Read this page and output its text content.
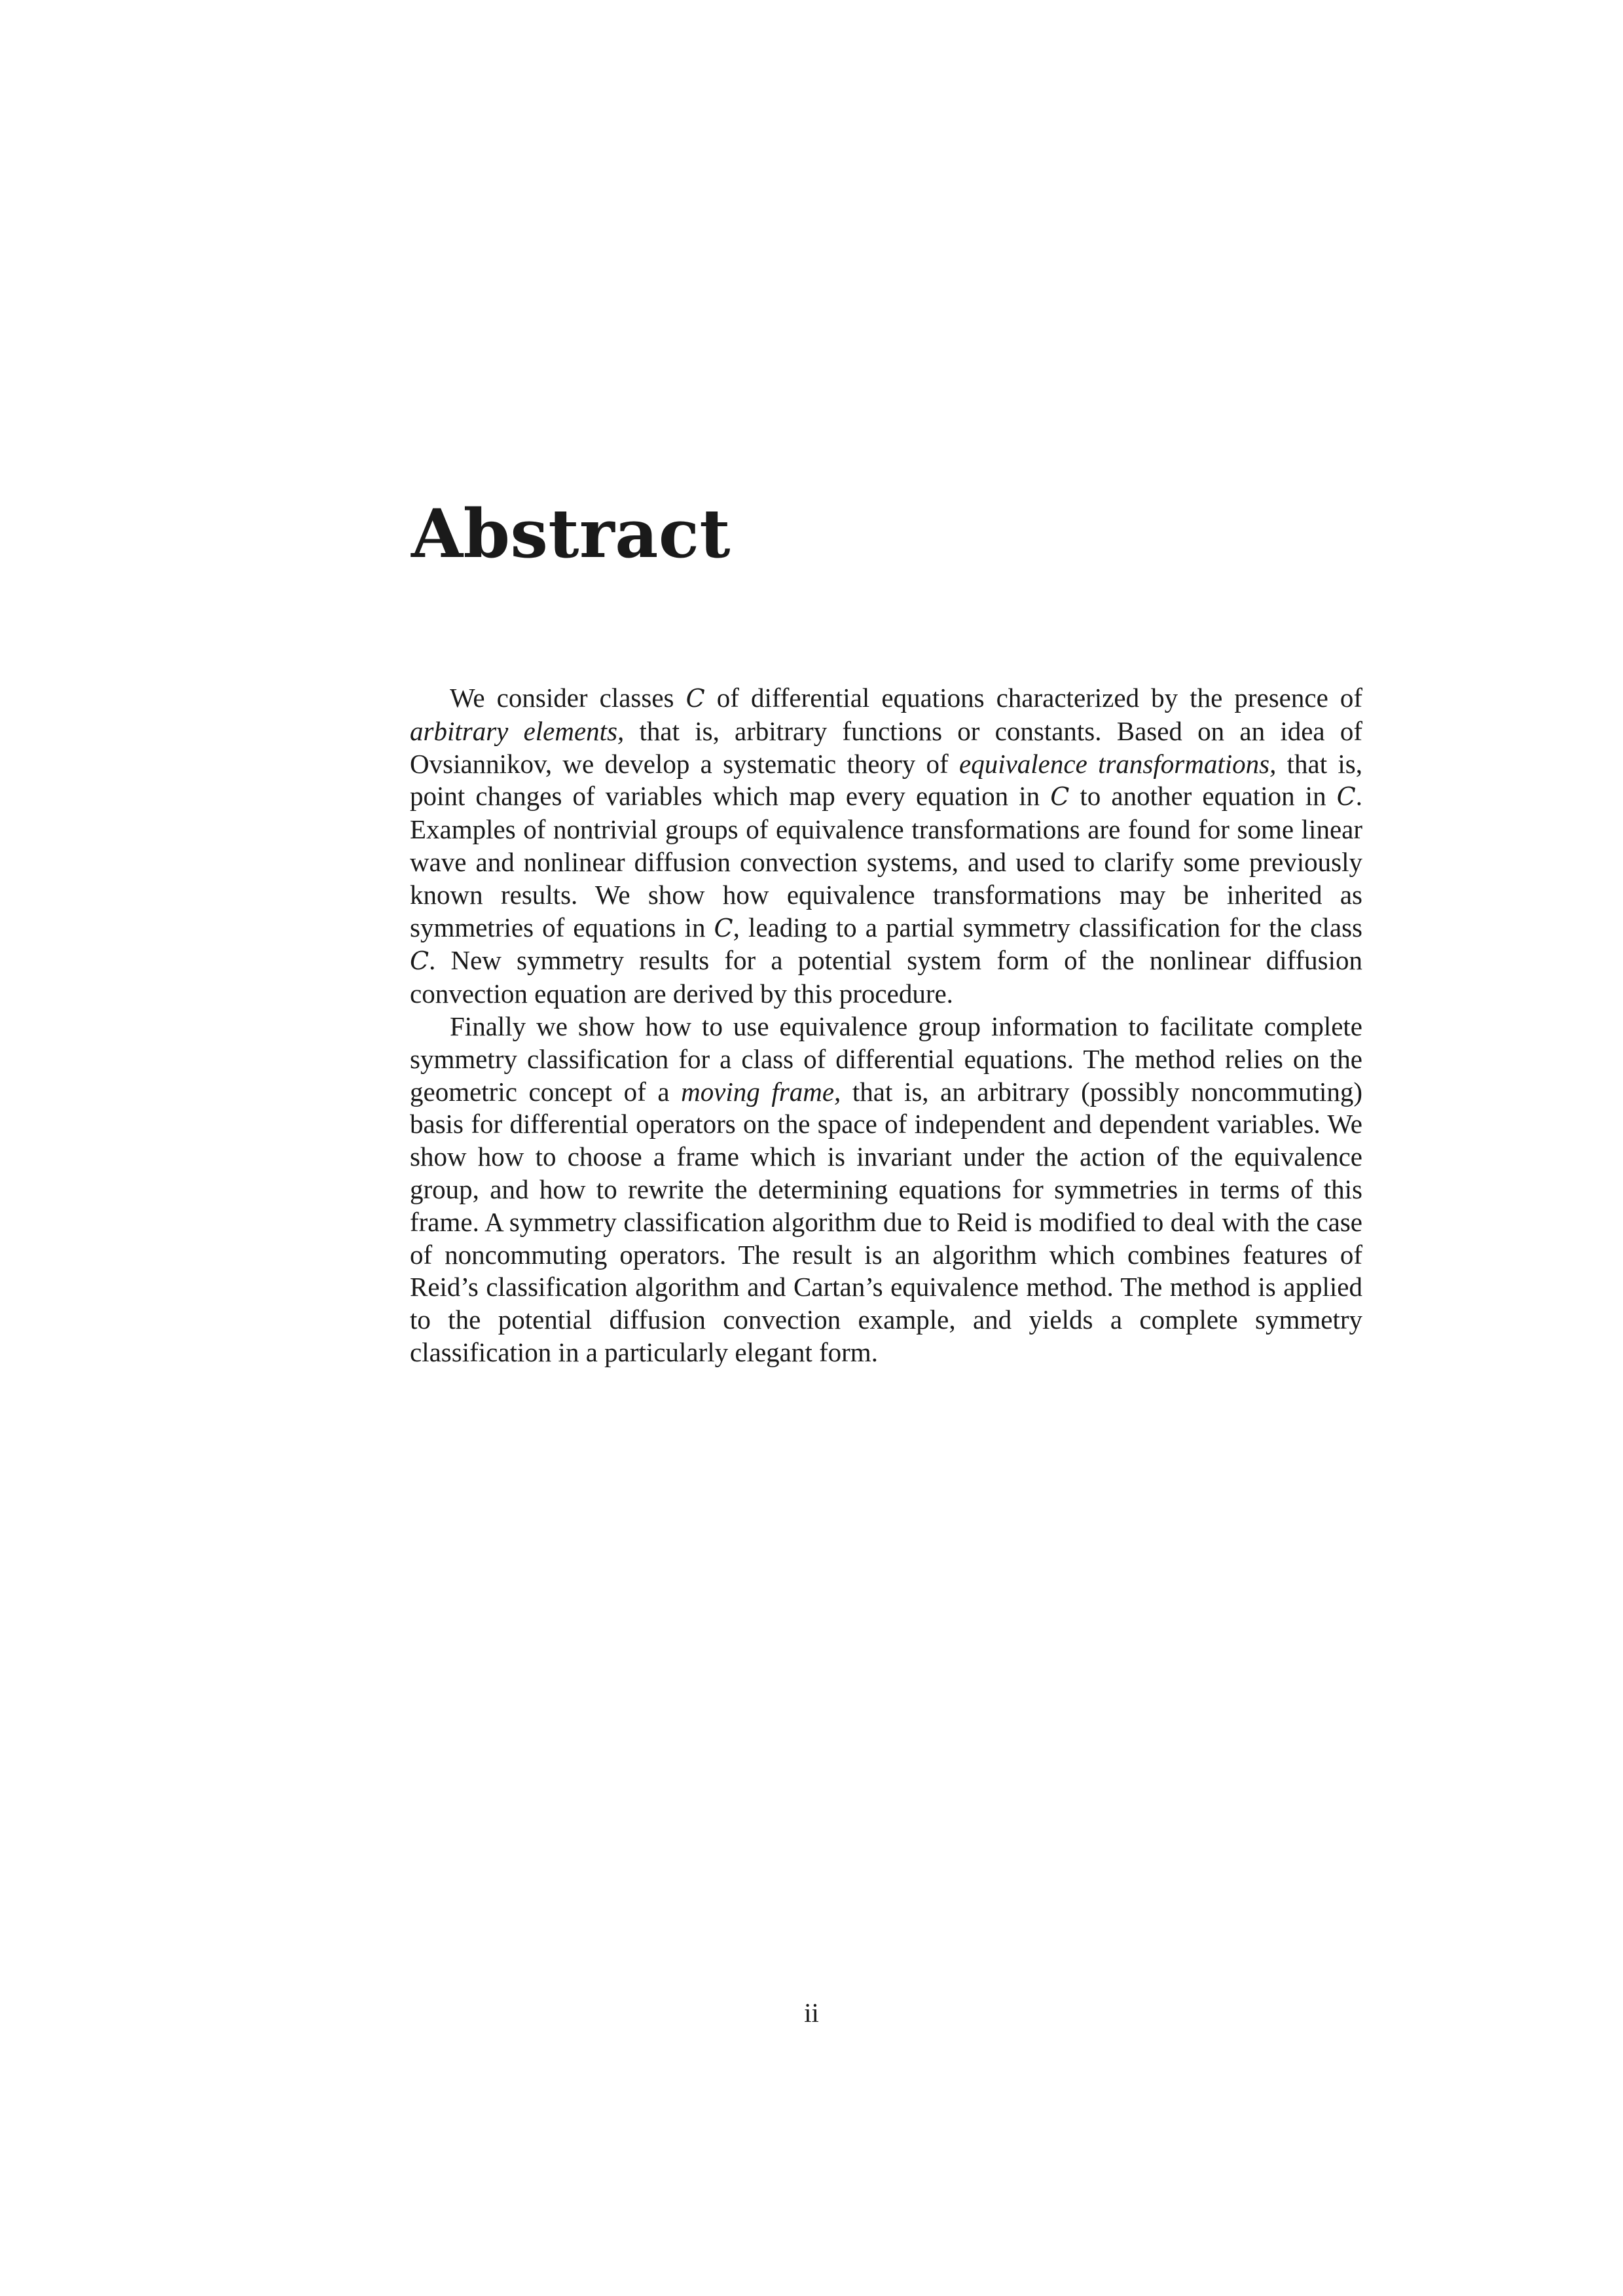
Abstract

We consider classes C of differential equations characterized by the presence of arbitrary elements, that is, arbitrary functions or constants. Based on an idea of Ovsiannikov, we develop a systematic theory of equivalence transformations, that is, point changes of variables which map every equation in C to another equation in C. Examples of nontrivial groups of equivalence transformations are found for some linear wave and nonlinear diffusion convection systems, and used to clarify some previously known results. We show how equivalence transformations may be inherited as symmetries of equations in C, leading to a partial symmetry classification for the class C. New symmetry results for a potential system form of the nonlinear diffusion convection equation are derived by this procedure.

Finally we show how to use equivalence group information to facilitate complete symmetry classification for a class of differential equations. The method relies on the geometric concept of a moving frame, that is, an arbitrary (possibly noncommuting) basis for differential operators on the space of independent and dependent variables. We show how to choose a frame which is invariant under the action of the equivalence group, and how to rewrite the determining equations for symmetries in terms of this frame. A symmetry classification algorithm due to Reid is modified to deal with the case of noncommuting operators. The result is an algorithm which combines features of Reid’s classification algorithm and Cartan’s equivalence method. The method is applied to the potential diffusion convection example, and yields a complete symmetry classification in a particularly elegant form.

ii
